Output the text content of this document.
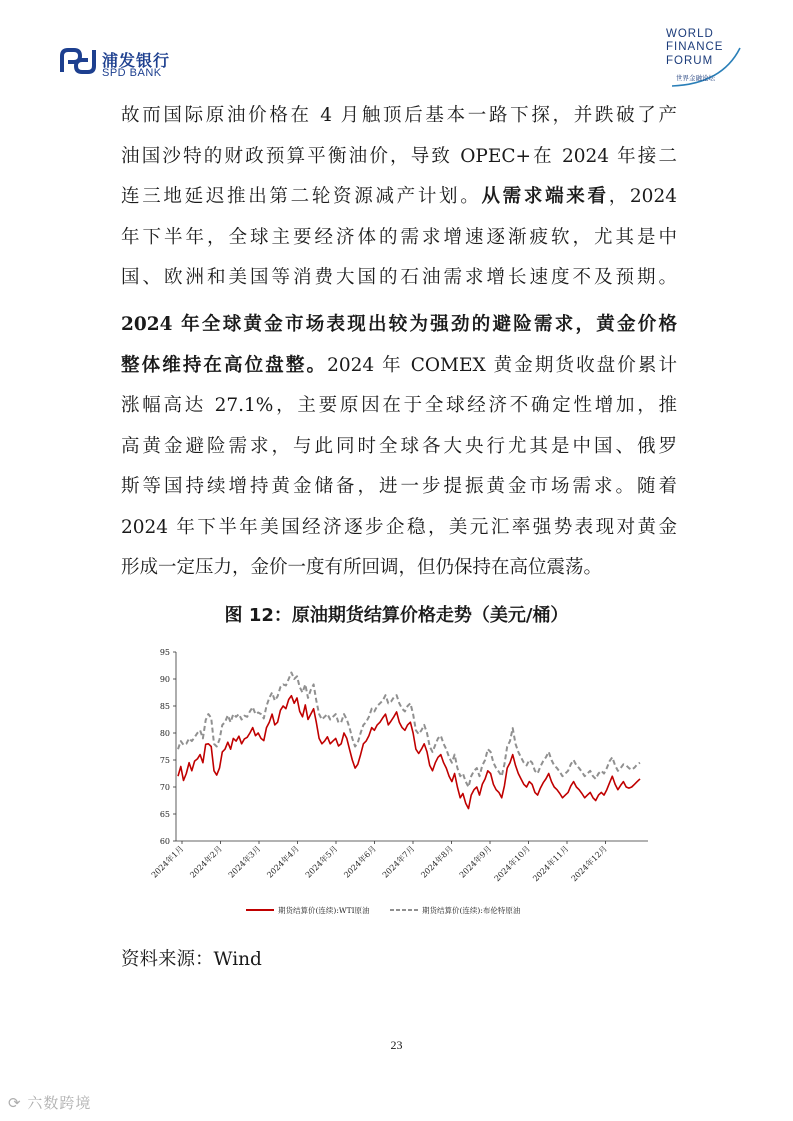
浦发银行
SPD BANK
WORLD
FINANCE
FORUM
世界金融论坛
故而国际原油价格在 4 月触顶后基本一路下探，并跌破了产
油国沙特的财政预算平衡油价，导致 OPEC+在 2024 年接二
连三地延迟推出第二轮资源减产计划。从需求端来看，2024
年下半年，全球主要经济体的需求增速逐渐疲软，尤其是中
国、欧洲和美国等消费大国的石油需求增长速度不及预期。
2024 年全球黄金市场表现出较为强劲的避险需求，黄金价格
整体维持在高位盘整。2024 年 COMEX 黄金期货收盘价累计
涨幅高达 27.1%，主要原因在于全球经济不确定性增加，推
高黄金避险需求，与此同时全球各大央行尤其是中国、俄罗
斯等国持续增持黄金储备，进一步提振黄金市场需求。随着
2024 年下半年美国经济逐步企稳，美元汇率强势表现对黄金
形成一定压力，金价一度有所回调，但仍保持在高位震荡。
图 12：原油期货结算价格走势（美元/桶）
95
90
85
80
75
70
65
60
2024年1月 2024年2月 2024年3月 2024年4月 2024年5月 2024年6月 2024年7月 2024年8月 2024年9月 2024年10月 2024年11月 2024年12月
期货结算价(连续):WTI原油	期货结算价(连续):布伦特原油
资料来源：Wind
23
⟳ 六数跨境
